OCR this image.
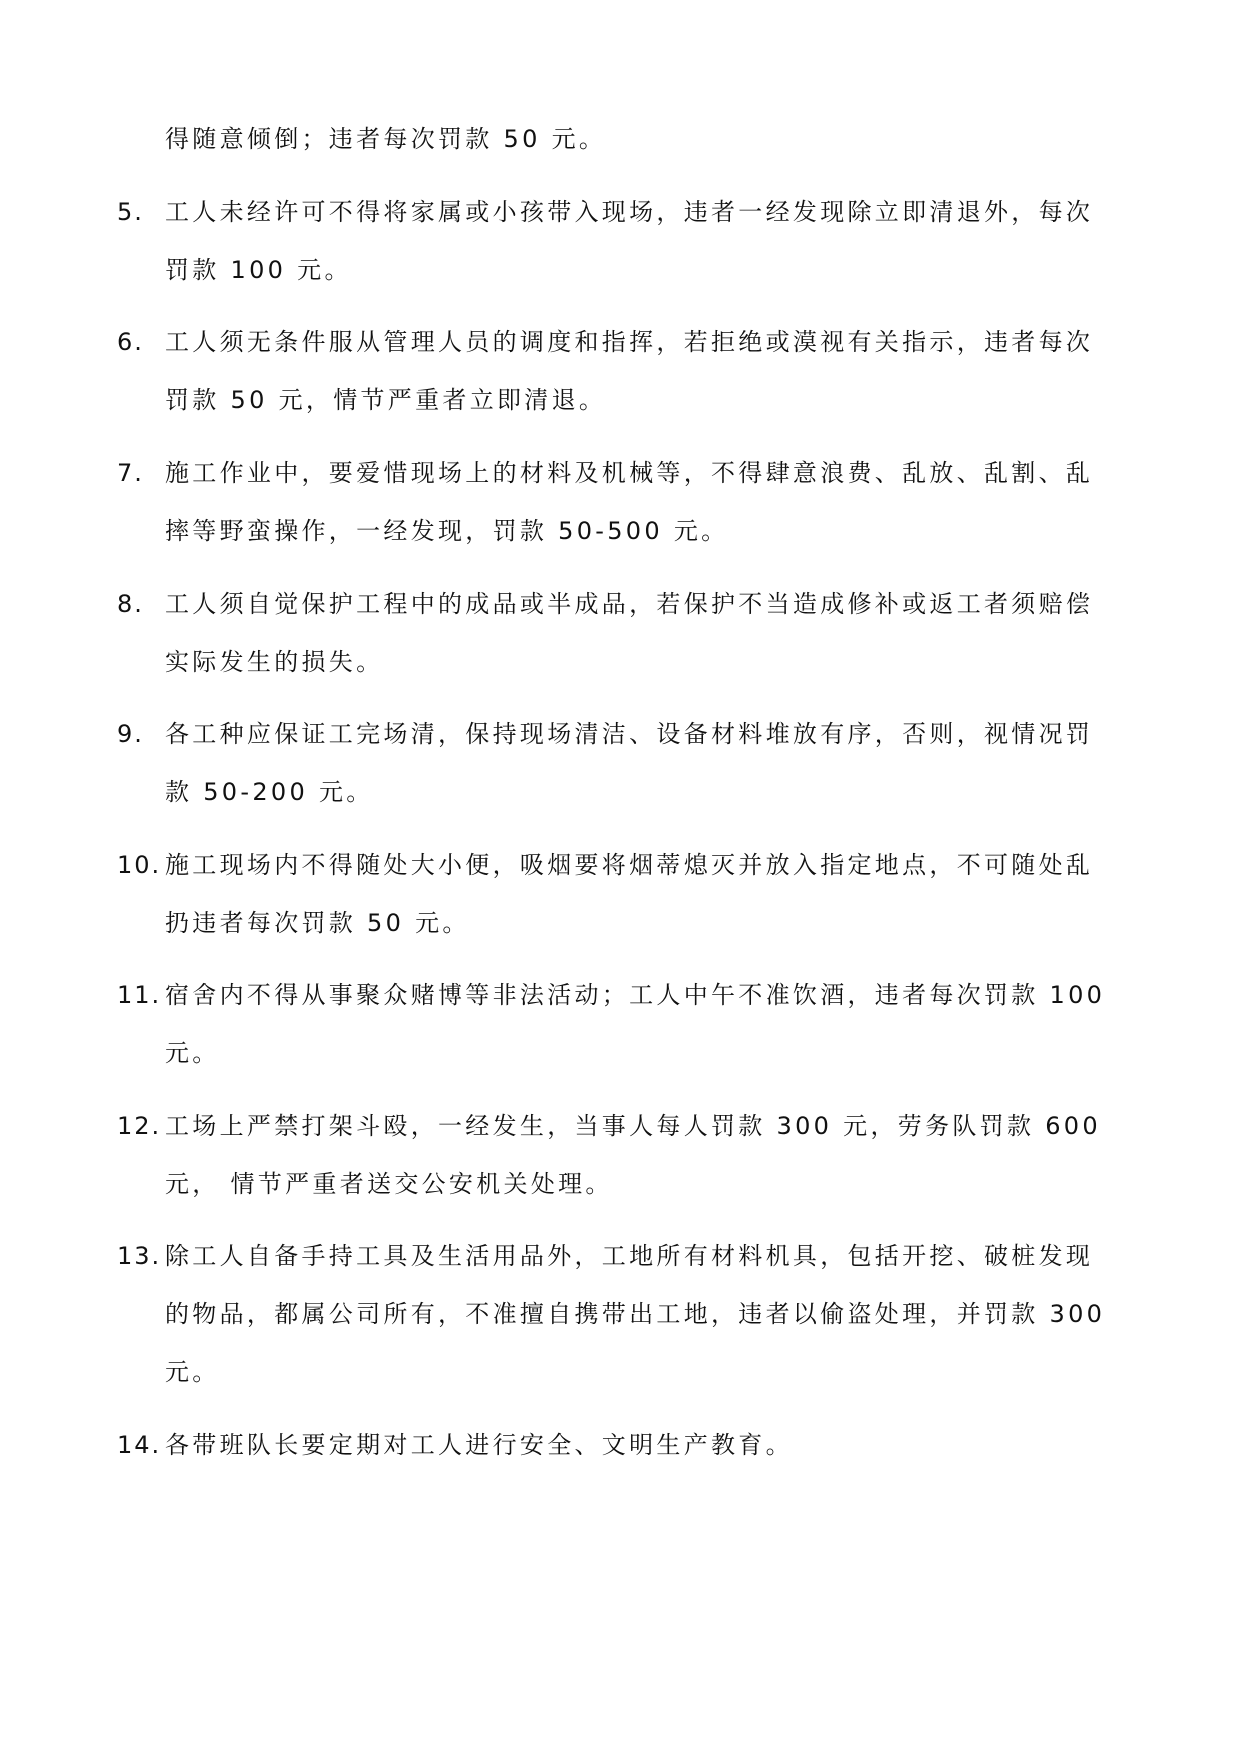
得随意倾倒；违者每次罚款 50 元。
5. 工人未经许可不得将家属或小孩带入现场，违者一经发现除立即清退外，每次
罚款 100 元。
6. 工人须无条件服从管理人员的调度和指挥，若拒绝或漠视有关指示，违者每次
罚款 50 元，情节严重者立即清退。
7. 施工作业中，要爱惜现场上的材料及机械等，不得肆意浪费、乱放、乱割、乱
摔等野蛮操作，一经发现，罚款 50-500 元。
8. 工人须自觉保护工程中的成品或半成品，若保护不当造成修补或返工者须赔偿
实际发生的损失。
9. 各工种应保证工完场清，保持现场清洁、设备材料堆放有序，否则，视情况罚
款 50-200 元。
10. 施工现场内不得随处大小便，吸烟要将烟蒂熄灭并放入指定地点，不可随处乱
扔违者每次罚款 50 元。
11. 宿舍内不得从事聚众赌博等非法活动；工人中午不准饮酒，违者每次罚款 100
元。
12. 工场上严禁打架斗殴，一经发生，当事人每人罚款 300 元，劳务队罚款 600
元， 情节严重者送交公安机关处理。
13. 除工人自备手持工具及生活用品外，工地所有材料机具，包括开挖、破桩发现
的物品，都属公司所有，不准擅自携带出工地，违者以偷盗处理，并罚款 300
元。
14. 各带班队长要定期对工人进行安全、文明生产教育。
